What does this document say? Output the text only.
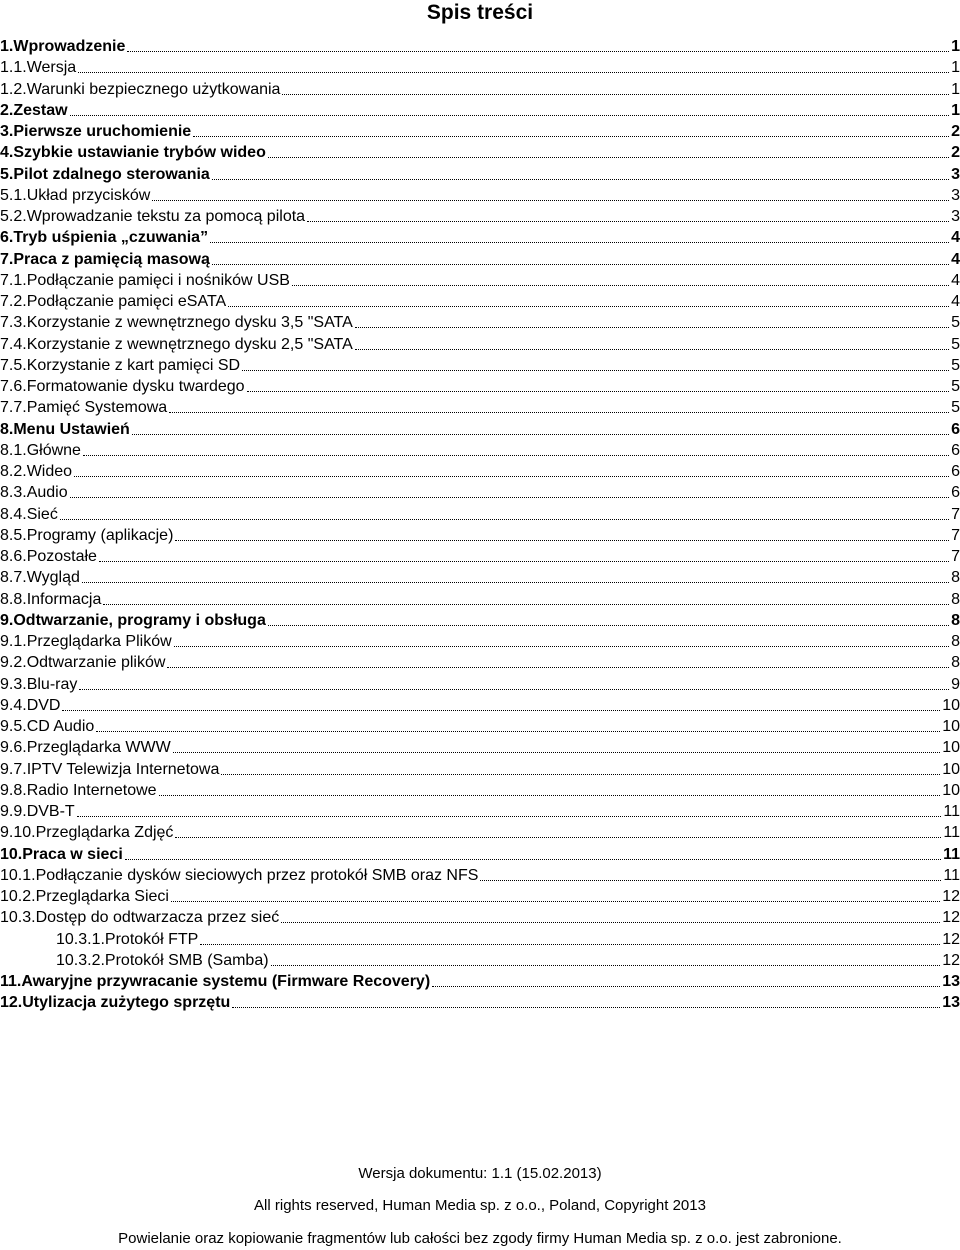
Spis treści
1.Wprowadzenie	1
1.1.Wersja	1
1.2.Warunki bezpiecznego użytkowania	1
2.Zestaw	1
3.Pierwsze uruchomienie	2
4.Szybkie ustawianie trybów wideo	2
5.Pilot zdalnego sterowania	3
5.1.Układ przycisków	3
5.2.Wprowadzanie tekstu za pomocą pilota	3
6.Tryb uśpienia „czuwania”	4
7.Praca z pamięcią masową	4
7.1.Podłączanie pamięci i nośników USB	4
7.2.Podłączanie pamięci eSATA	4
7.3.Korzystanie z wewnętrznego dysku 3,5 "SATA	5
7.4.Korzystanie z wewnętrznego dysku 2,5 "SATA	5
7.5.Korzystanie z kart pamięci SD	5
7.6.Formatowanie dysku twardego	5
7.7.Pamięć Systemowa	5
8.Menu Ustawień	6
8.1.Główne	6
8.2.Wideo	6
8.3.Audio	6
8.4.Sieć	7
8.5.Programy (aplikacje)	7
8.6.Pozostałe	7
8.7.Wygląd	8
8.8.Informacja	8
9.Odtwarzanie, programy i obsługa	8
9.1.Przeglądarka Plików	8
9.2.Odtwarzanie plików	8
9.3.Blu-ray	9
9.4.DVD	10
9.5.CD Audio	10
9.6.Przeglądarka WWW	10
9.7.IPTV Telewizja Internetowa	10
9.8.Radio Internetowe	10
9.9.DVB-T	11
9.10.Przeglądarka Zdjęć	11
10.Praca w sieci	11
10.1.Podłączanie dysków sieciowych przez protokół SMB oraz NFS	11
10.2.Przeglądarka Sieci	12
10.3.Dostęp do odtwarzacza przez sieć	12
10.3.1.Protokół FTP	12
10.3.2.Protokół SMB (Samba)	12
11.Awaryjne przywracanie systemu (Firmware Recovery)	13
12.Utylizacja zużytego sprzętu	13
Wersja dokumentu: 1.1 (15.02.2013)
All rights reserved, Human Media sp. z o.o., Poland, Copyright 2013
Powielanie oraz kopiowanie fragmentów lub całości bez zgody firmy Human Media sp. z o.o. jest zabronione.
